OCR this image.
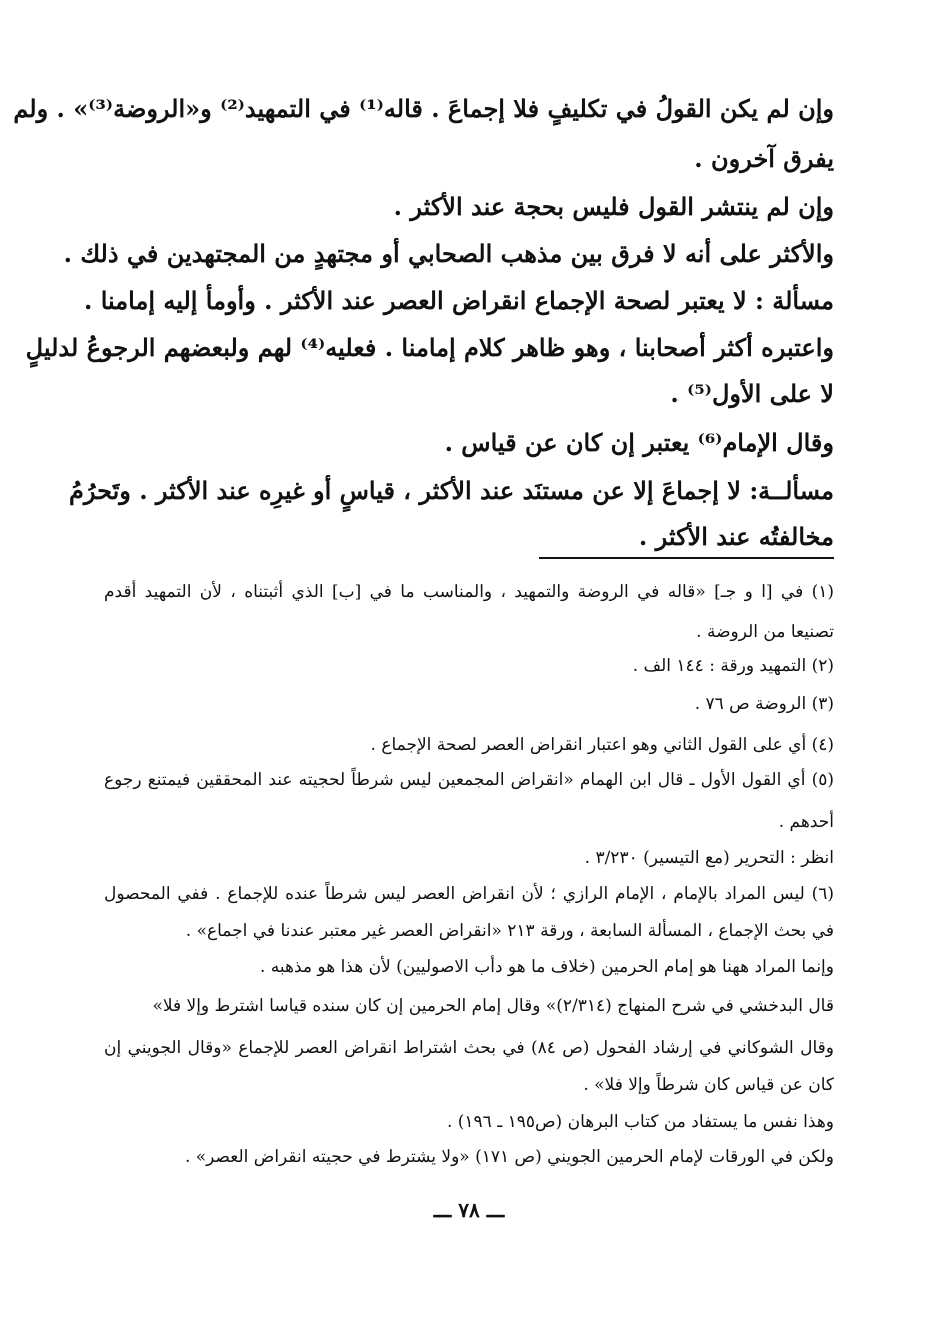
وإن لم يكن القولُ في تكليفٍ فلا إجماعَ . قاله⁽¹⁾ في التمهيد⁽²⁾ و«الروضة⁽³⁾» . ولم
يفرق آخرون .
وإن لم ينتشر القول فليس بحجة عند الأكثر .
والأكثر على أنه لا فرق بين مذهب الصحابي أو مجتهدٍ من المجتهدين في ذلك .
مسألة : لا يعتبر لصحة الإجماع انقراض العصر عند الأكثر . وأومأ إليه إمامنا .
واعتبره أكثر أصحابنا ، وهو ظاهر كلام إمامنا . فعليه⁽⁴⁾ لهم ولبعضهم الرجوعُ لدليلٍ
لا على الأول⁽⁵⁾ .
وقال الإمام⁽⁶⁾ يعتبر إن كان عن قياس .
مسألــة: لا إجماعَ إلا عن مستنَد عند الأكثر ، قياسٍ أو غيرِه عند الأكثر . وتَحرُمُ
مخالفتُه عند الأكثر .
(١) في [ا و جـ] «قاله في الروضة والتمهيد ، والمناسب ما في [ب] الذي أثبتناه ، لأن التمهيد أقدم
تصنيعا من الروضة .
(٢) التمهيد ورقة : ١٤٤ الف .
(٣) الروضة ص ٧٦ .
(٤) أي على القول الثاني وهو اعتبار انقراض العصر لصحة الإجماع .
(٥) أي القول الأول ـ قال ابن الهمام «انقراض المجمعين ليس شرطاً لحجيته عند المحققين فيمتنع رجوع
أحدهم .
انظر : التحرير (مع التيسير) ٣/٢٣٠ .
(٦) ليس المراد بالإمام ، الإمام الرازي ؛ لأن انقراض العصر ليس شرطاً عنده للإجماع . ففي المحصول
في بحث الإجماع ، المسألة السابعة ، ورقة ٢١٣ «انقراض العصر غير معتبر عندنا في اجماع» .
وإنما المراد ههنا هو إمام الحرمين (خلاف ما هو دأب الاصوليين) لأن هذا هو مذهبه .
قال البدخشي في شرح المنهاج (٢/٣١٤)» وقال إمام الحرمين إن كان سنده قياسا اشترط وإلا فلا»
وقال الشوكاني في إرشاد الفحول (ص ٨٤) في بحث اشتراط انقراض العصر للإجماع «وقال الجويني إن
كان عن قياس كان شرطاً وإلا فلا» .
وهذا نفس ما يستفاد من كتاب البرهان (ص١٩٥ ـ ١٩٦) .
ولكن في الورقات لإمام الحرمين الجويني (ص ١٧١) «ولا يشترط في حجيته انقراض العصر» .
ـــ ٧٨ ـــ
